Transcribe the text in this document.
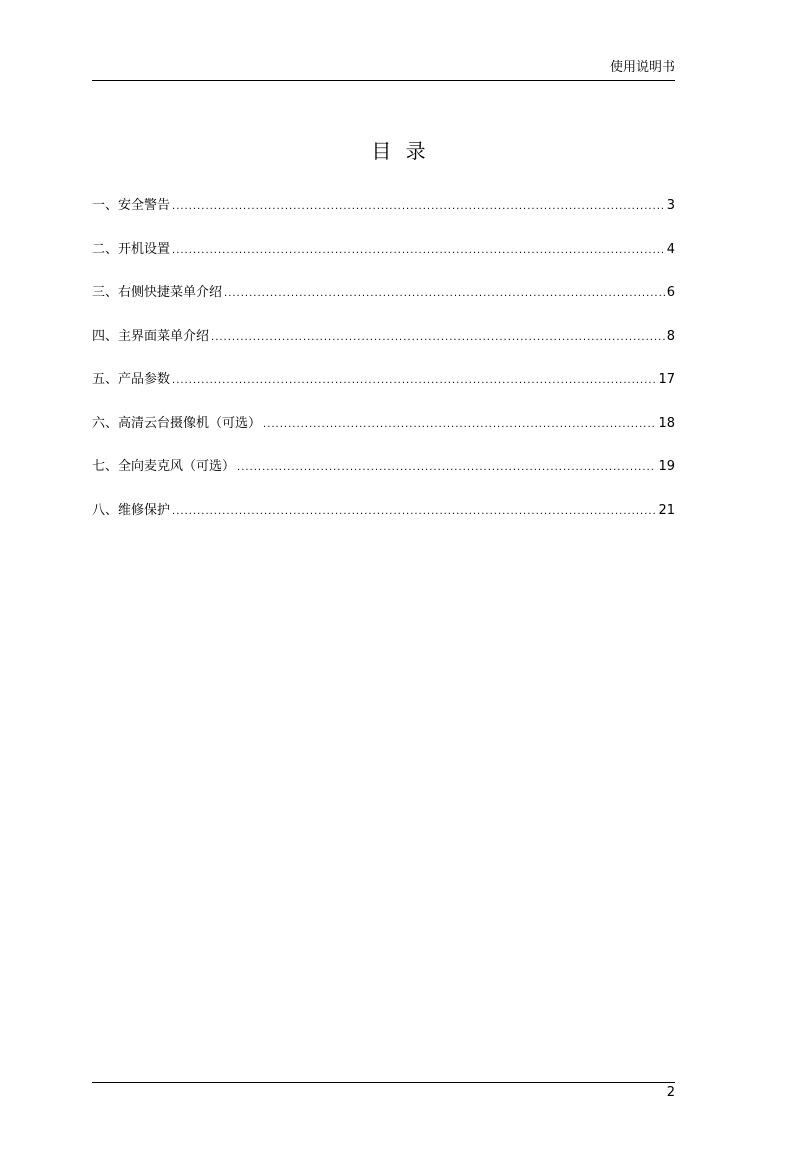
使用说明书
目 录
一、安全警告 .....	3
二、开机设置 .....	4
三、右侧快捷菜单介绍 .....	6
四、主界面菜单介绍 .....	8
五、产品参数 .....	17
六、高清云台摄像机（可选） .....	18
七、全向麦克风（可选） .....	19
八、维修保护 .....	21
2
